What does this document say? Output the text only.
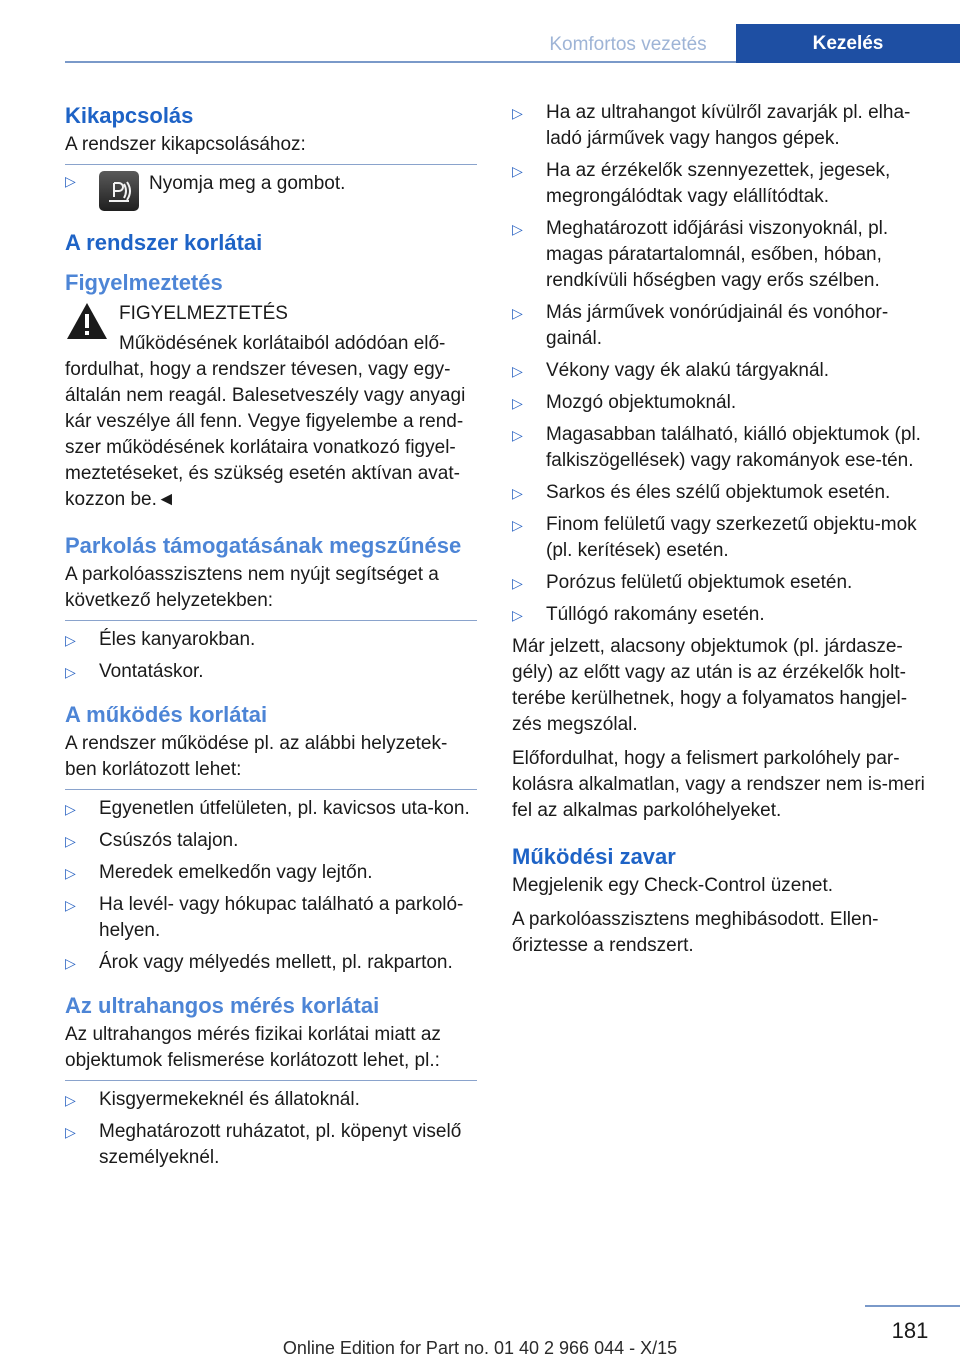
Komfortos vezetés	Kezelés
Kikapcsolás

A rendszer kikapcsolásához:

▷	Nyomja meg a gombot.
A rendszer korlátai
Figyelmeztetés

FIGYELMEZTETÉS

Működésének korlátaiból adódóan elő-fordulhat, hogy a rendszer tévesen, vagy egy-általán nem reagál. Balesetveszély vagy anyagi kár veszélye áll fenn. Vegye figyelembe a rend-szer működésének korlátaira vonatkozó figyel-meztetéseket, és szükség esetén aktívan avat-kozzon be.◄

Parkolás támogatásának megszűnése

A parkolóasszisztens nem nyújt segítséget a következő helyzetekben:

▷ Éles kanyarokban.
▷ Vontatáskor.
A működés korlátai

A rendszer működése pl. az alábbi helyzetek-ben korlátozott lehet:

▷ Egyenetlen útfelületen, pl. kavicsos uta-kon.
▷ Csúszós talajon.
▷ Meredek emelkedőn vagy lejtőn.
▷ Ha levél- vagy hókupac található a parkoló-helyen.
▷ Árok vagy mélyedés mellett, pl. rakparton.
Az ultrahangos mérés korlátai

Az ultrahangos mérés fizikai korlátai miatt az objektumok felismerése korlátozott lehet, pl.:

▷ Kisgyermekeknél és állatoknál.
▷ Meghatározott ruházatot, pl. köpenyt viselő személyeknél.
▷ Ha az ultrahangot kívülről zavarják pl. elha-ladó járművek vagy hangos gépek.
▷ Ha az érzékelők szennyezettek, jegesek, megrongálódtak vagy elállítódtak.
▷ Meghatározott időjárási viszonyoknál, pl. magas páratartalomnál, esőben, hóban, rendkívüli hőségben vagy erős szélben.
▷ Más járművek vonórúdjainál és vonóhor-gainál.
▷ Vékony vagy ék alakú tárgyaknál.
▷ Mozgó objektumoknál.
▷ Magasabban található, kiálló objektumok (pl. falkiszögellések) vagy rakományok ese-tén.
▷ Sarkos és éles szélű objektumok esetén.
▷ Finom felületű vagy szerkezetű objektu-mok (pl. kerítések) esetén.
▷ Porózus felületű objektumok esetén.
▷ Túllógó rakomány esetén.

Már jelzett, alacsony objektumok (pl. járdasze-gély) az előtt vagy az után is az érzékelők holt-terébe kerülhetnek, hogy a folyamatos hangjel-zés megszólal.

Előfordulhat, hogy a felismert parkolóhely par-kolásra alkalmatlan, vagy a rendszer nem is-meri fel az alkalmas parkolóhelyeket.

Működési zavar

Megjelenik egy Check-Control üzenet.

A parkolóasszisztens meghibásodott. Ellen-őriztesse a rendszert.

181
Online Edition for Part no. 01 40 2 966 044 - X/15
